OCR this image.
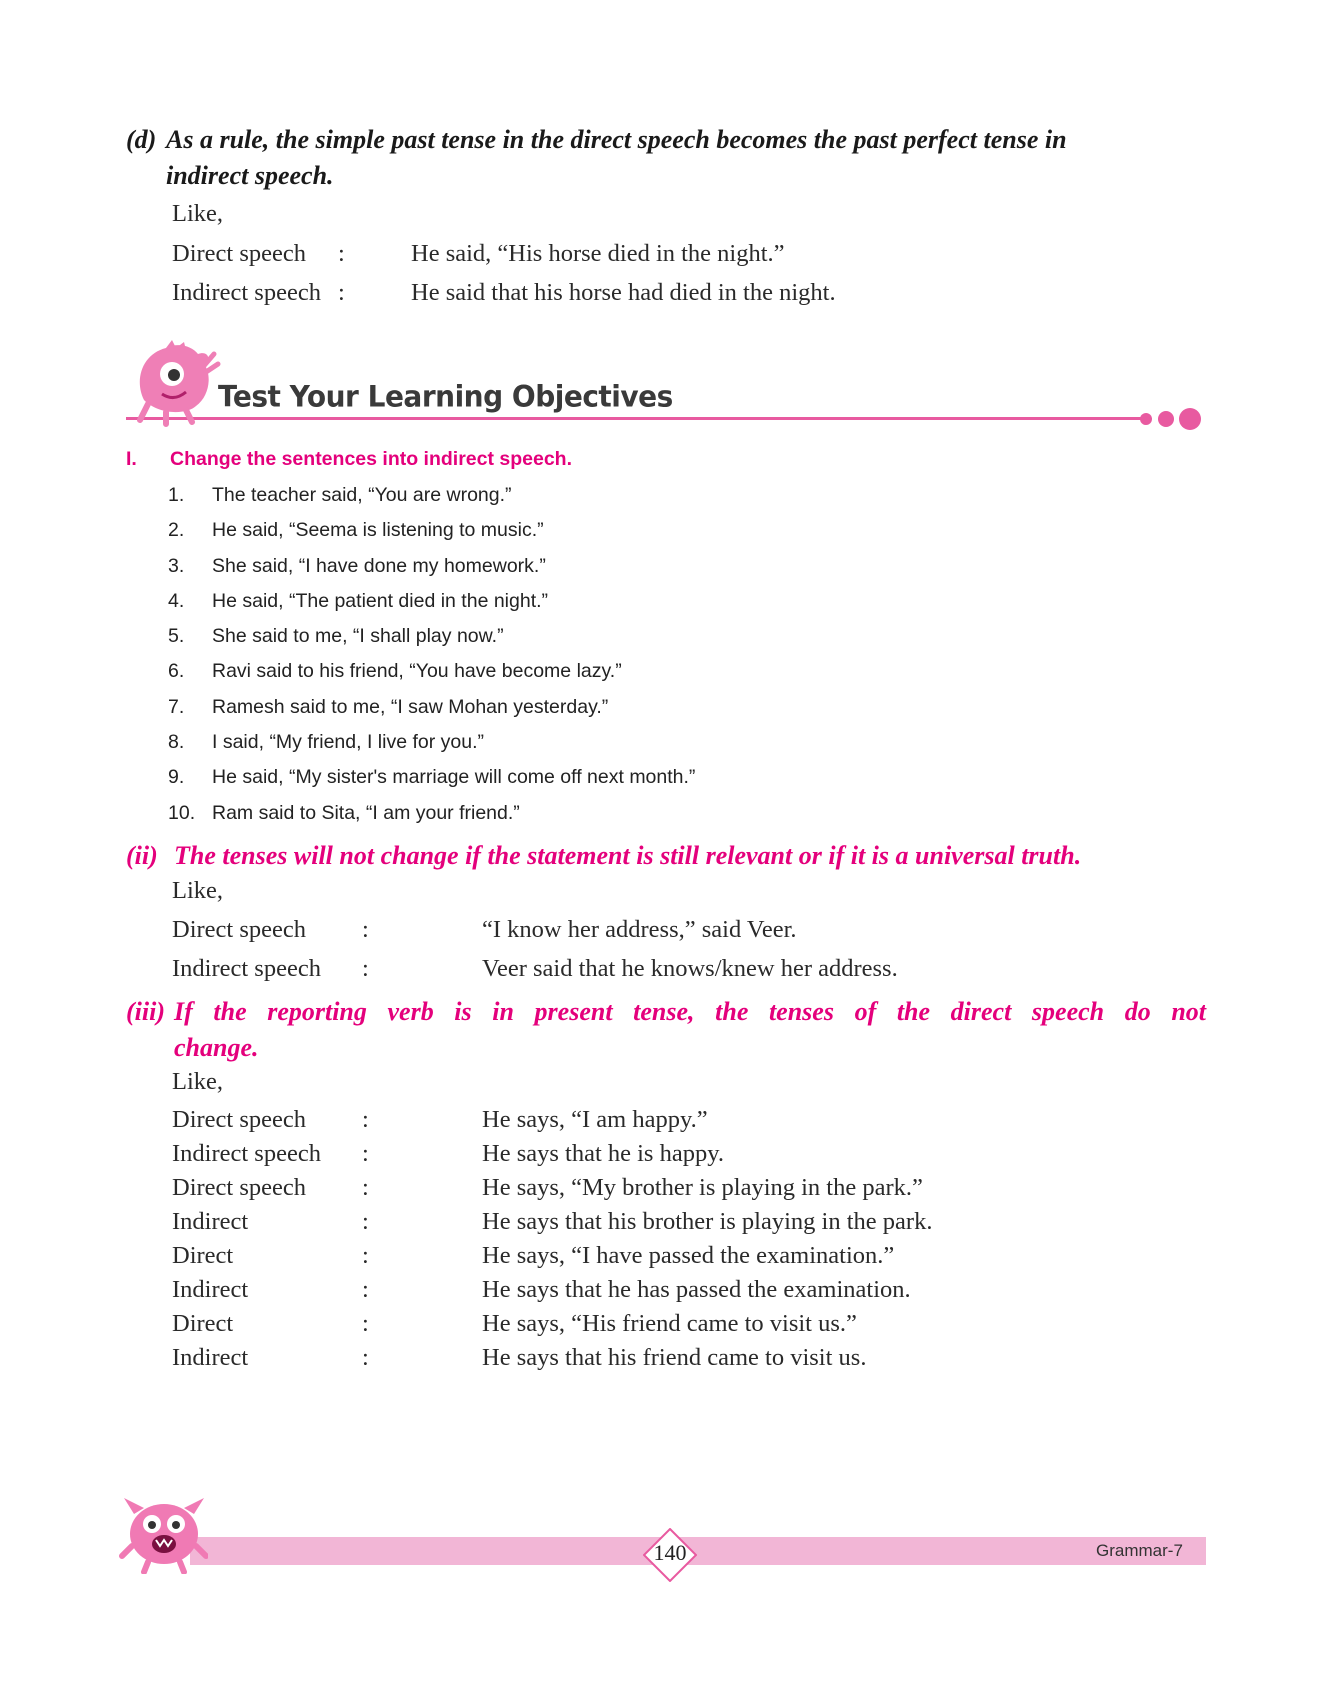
(d) As a rule, the simple past tense in the direct speech becomes the past perfect tense in
indirect speech.
Like,
Direct speech :	He said, “His horse died in the night.”
Indirect speech :	He said that his horse had died in the night.
Test Your Learning Objectives
I. Change the sentences into indirect speech.
1. The teacher said, “You are wrong.”
2. He said, “Seema is listening to music.”
3. She said, “I have done my homework.”
4. He said, “The patient died in the night.”
5. She said to me, “I shall play now.”
6. Ravi said to his friend, “You have become lazy.”
7. Ramesh said to me, “I saw Mohan yesterday.”
8. I said, “My friend, I live for you.”
9. He said, “My sister's marriage will come off next month.”
10. Ram said to Sita, “I am your friend.”
(ii) The tenses will not change if the statement is still relevant or if it is a universal truth.
Like,
Direct speech :	“I know her address,” said Veer.
Indirect speech :	Veer said that he knows/knew her address.
(iii) If the reporting verb is in present tense, the tenses of the direct speech do not
change.
Like,
Direct speech :	He says, “I am happy.”
Indirect speech :	He says that he is happy.
Direct speech :	He says, “My brother is playing in the park.”
Indirect	:	He says that his brother is playing in the park.
Direct	:	He says, “I have passed the examination.”
Indirect	:	He says that he has passed the examination.
Direct	:	He says, “His friend came to visit us.”
Indirect	:	He says that his friend came to visit us.
140	Grammar-7
